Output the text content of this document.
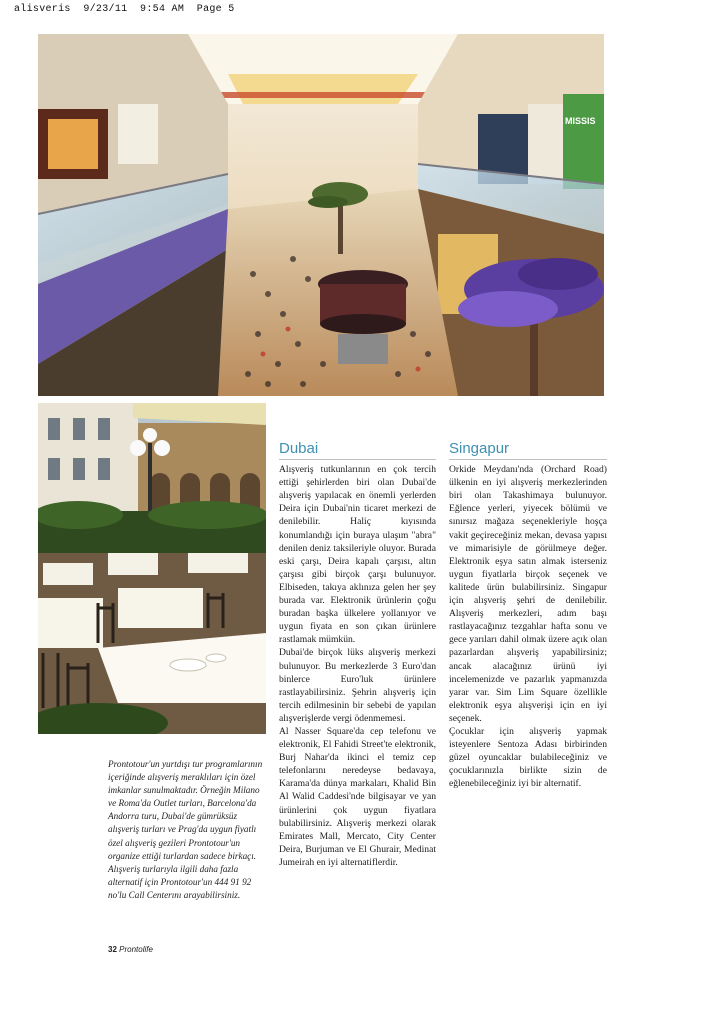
alisveris 9/23/11 9:54 AM Page 5
MISSIS
Dubai

Alışveriş tutkunlarının en çok tercih ettiği şehirlerden biri olan Dubai'de alışveriş yapılacak en önemli yerlerden Deira için Dubai'nin ticaret merkezi de denilebilir. Haliç kıyısında konumlandığı için buraya ulaşım "abra" denilen deniz taksileriyle oluyor. Burada eski çarşı, Deira kapalı çarşısı, altın çarşısı gibi birçok çarşı bulunuyor. Elbiseden, takıya aklınıza gelen her şey burada var. Elektronik ürünlerin çoğu buradan başka ülkelere yollanıyor ve uygun fiyata en son çıkan ürünlere rastlamak mümkün.

Dubai'de birçok lüks alışveriş merkezi bulunuyor. Bu merkezlerde 3 Euro'dan binlerce Euro'luk ürünlere rastlayabilirsiniz. Şehrin alışveriş için tercih edilmesinin bir sebebi de yapılan alışverişlerde vergi ödenmemesi.

Al Nasser Square'da cep telefonu ve elektronik, El Fahidi Street'te elektronik, Burj Nahar'da ikinci el temiz cep telefonlarını neredeyse bedavaya, Karama'da dünya markaları, Khalid Bin Al Walid Caddesi'nde bilgisayar ve yan ürünlerini çok uygun fiyatlara bulabilirsiniz. Alışveriş merkezi olarak Emirates Mall, Mercato, City Center Deira, Burjuman ve El Ghurair, Medinat Jumeirah en iyi alternatiflerdir.

Singapur

Orkide Meydanı'nda (Orchard Road) ülkenin en iyi alışveriş merkezlerinden biri olan Takashimaya bulunuyor. Eğlence yerleri, yiyecek bölümü ve sınırsız mağaza seçenekleriyle hoşça vakit geçireceğiniz mekan, devasa yapısı ve mimarisiyle de görülmeye değer. Elektronik eşya satın almak isterseniz uygun fiyatlarla birçok seçenek ve kalitede ürün bulabilirsiniz. Singapur için alışveriş şehri de denilebilir. Alışveriş merkezleri, adım başı rastlayacağınız tezgahlar hafta sonu ve gece yarıları dahil olmak üzere açık olan pazarlardan alışveriş yapabilirsiniz; ancak alacağınız ürünü iyi incelemenizde ve pazarlık yapmanızda yarar var. Sim Lim Square özellikle elektronik eşya alışverişi için en iyi seçenek.

Çocuklar için alışveriş yapmak isteyenlere Sentoza Adası birbirinden güzel oyuncaklar bulabileceğiniz ve çocuklarınızla birlikte sizin de eğlenebileceğiniz iyi bir alternatif.

Prontotour'un yurtdışı tur programlarının içeriğinde alışveriş meraklıları için özel imkanlar sunulmaktadır. Örneğin Milano ve Roma'da Outlet turları, Barcelona'da Andorra turu, Dubai'de gümrüksüz alışveriş turları ve Prag'da uygun fiyatlı özel alışveriş gezileri Prontotour'un organize ettiği turlardan sadece birkaçı. Alışveriş turlarıyla ilgili daha fazla alternatif için Prontotour'un 444 91 92 no'lu Call Centerını arayabilirsiniz.

32 Prontolife
